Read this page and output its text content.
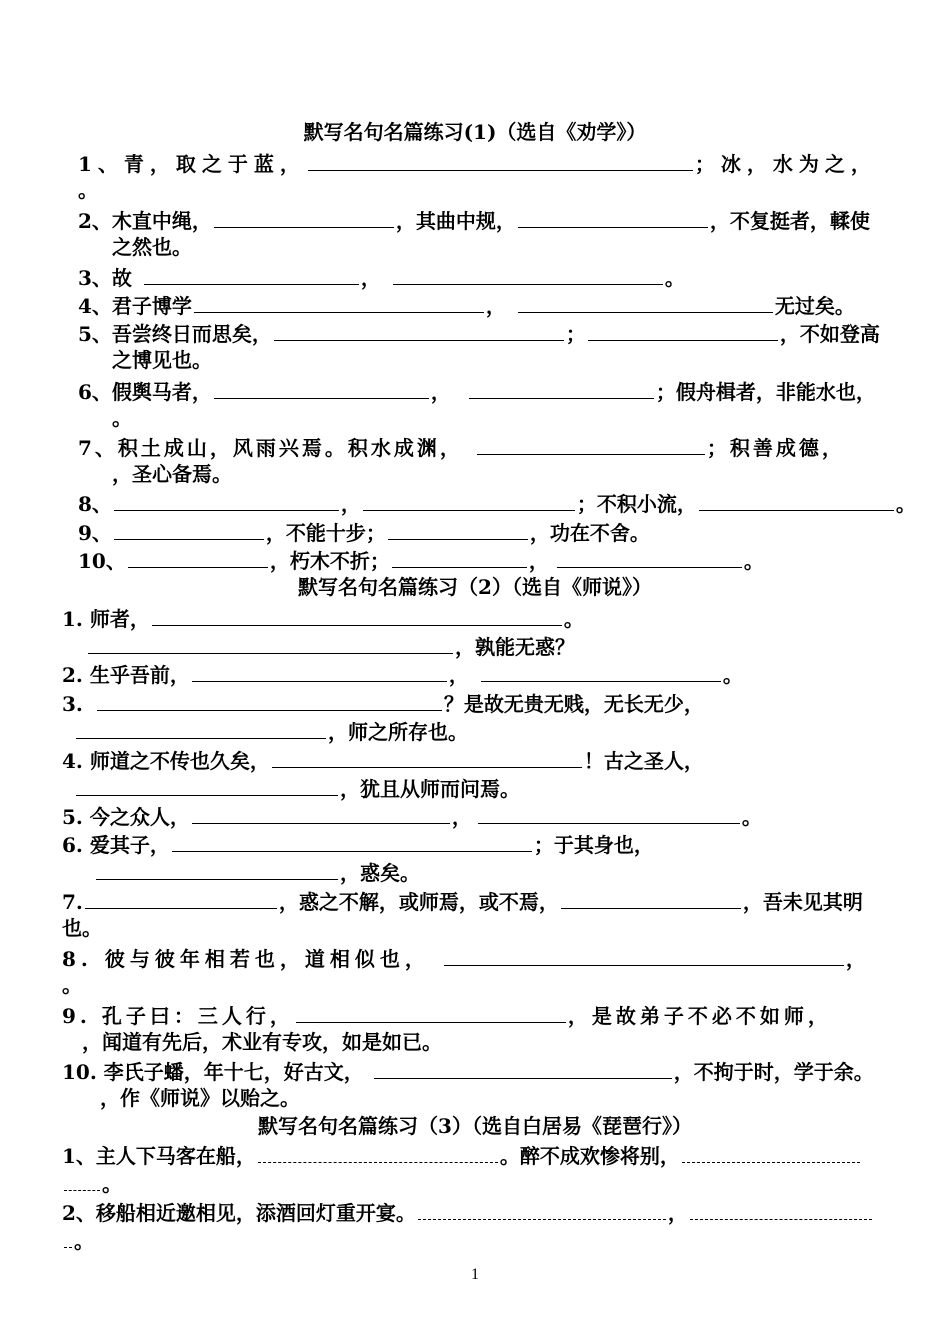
默写名句名篇练习(1)（选自《劝学》）
1、青，取之于蓝，	；冰，水为之，
。
2、木直中绳，	，其曲中规，	，不复挺者，輮使
之然也。
3、故	，	。
4、君子博学	，	无过矣。
5、吾尝终日而思矣，	；	，不如登高
之博见也。
6、假舆马者，	，	；假舟楫者，非能水也，
。
7、积土成山，风雨兴焉。积水成渊，	；积善成德，
，圣心备焉。
8、	，	；不积小流，	。
9、	，不能十步；	，功在不舍。
10、	，朽木不折；	，	。
默写名句名篇练习（2）（选自《师说》）
1. 师者，	。
，孰能无惑？
2. 生乎吾前，	，	。
3.	？是故无贵无贱，无长无少，
，师之所存也。
4. 师道之不传也久矣，	！古之圣人，
，犹且从师而问焉。
5. 今之众人，	，	。
6. 爱其子，	；于其身也，
，惑矣。
7.	，惑之不解，或师焉，或不焉，	，吾未见其明
也。
8. 彼与彼年相若也，道相似也，	，
。
9. 孔子曰：三人行，	，是故弟子不必不如师，
，闻道有先后，术业有专攻，如是如已。
10. 李氏子蟠，年十七，好古文，	，不拘于时，学于余。
，作《师说》以贻之。
默写名句名篇练习（3）（选自白居易《琵琶行》）
1、主人下马客在船，	。醉不成欢惨将别，
。
2、移船相近邀相见，添酒回灯重开宴。	，
。
1
